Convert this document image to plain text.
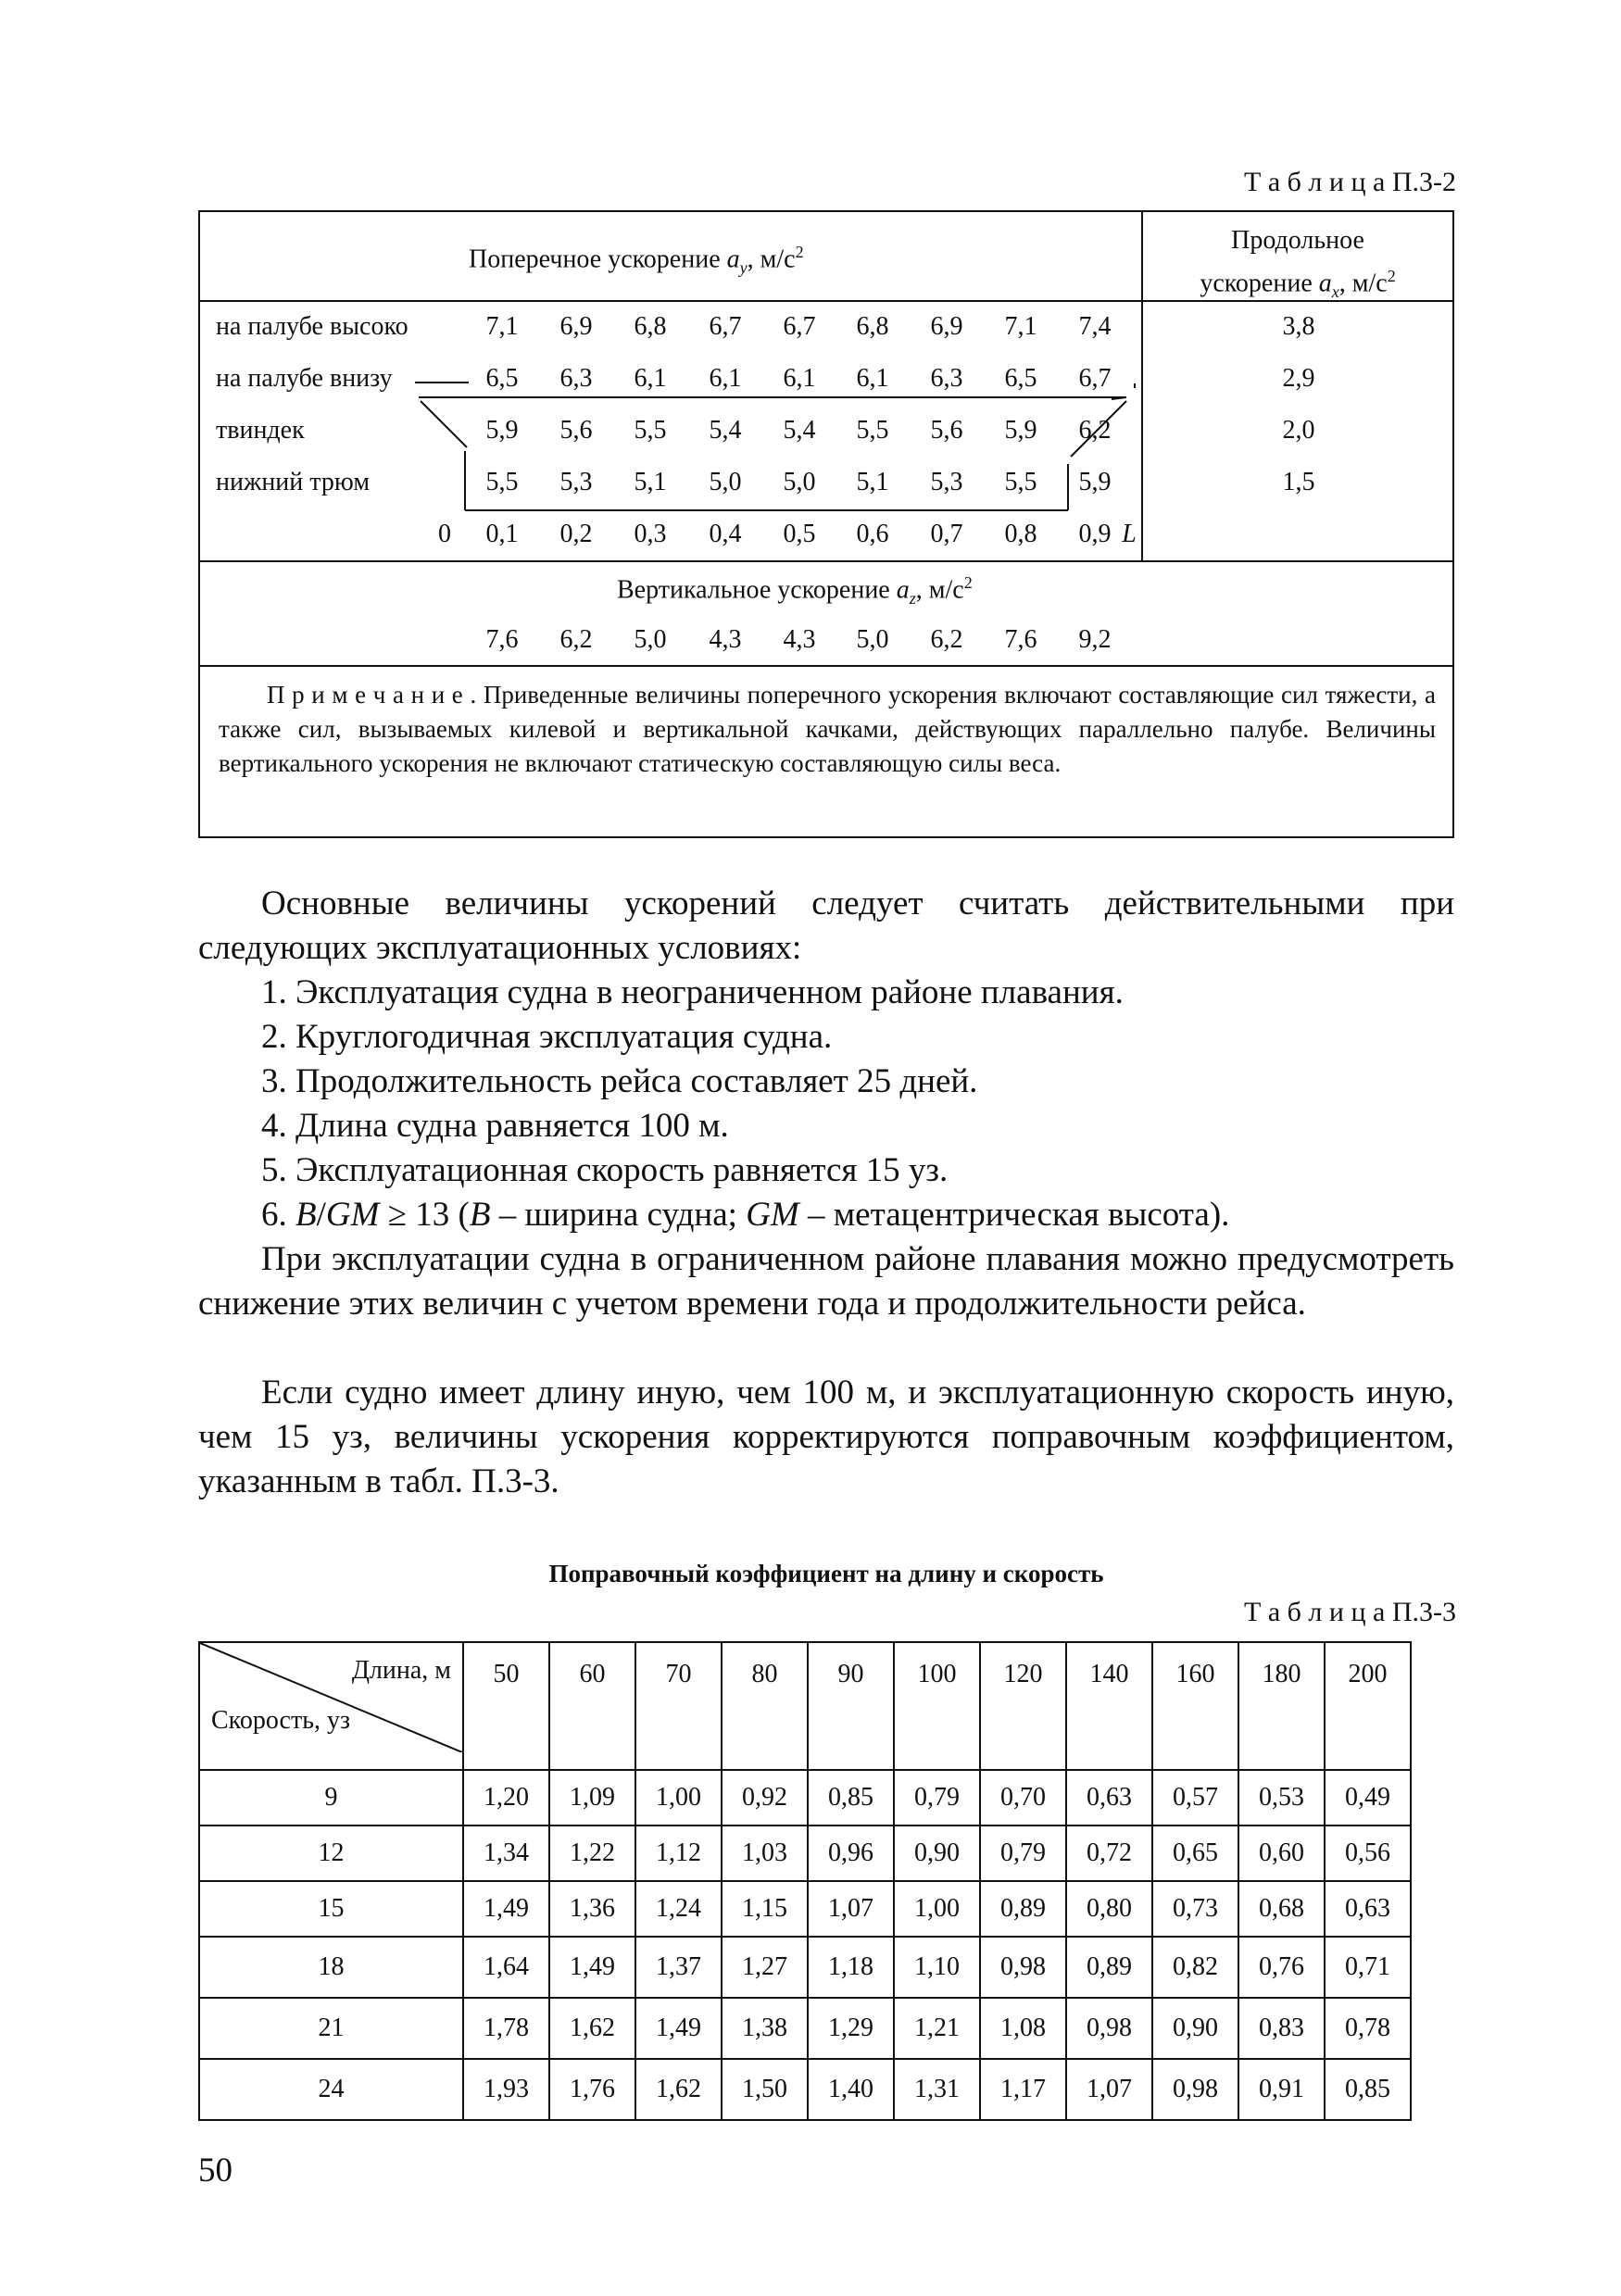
Т а б л и ц а П.3-2
Поперечное ускорение $a_y$, $м/с^2$	Продольное
ускорение $a_x$, $м/с^2$
на палубе высоко	7,1 6,9 6,8 6,7 6,7 6,8 6,9 7,1 7,4	3,8
на палубе внизу	6,5 6,3 6,1 6,1 6,1 6,1 6,3 6,5 6,7	2,9
твиндек	5,9 5,6 5,5 5,4 5,4 5,5 5,6 5,9 6,2	2,0
нижний трюм	5,5 5,3 5,1 5,0 5,0 5,1 5,3 5,5 5,9	1,5
0 0,1 0,2 0,3 0,4 0,5 0,6 0,7 0,8 0,9 L
Вертикальное ускорение $a_z$, $м/с^2$
7,6 6,2 5,0 4,3 4,3 5,0 6,2 7,6 9,2
П р и м е ч а н и е . Приведенные величины поперечного ускорения включают составляющие сил тяжести, а также сил, вызываемых килевой и вертикальной качками, действующих параллельно палубе. Величины вертикального ускорения не включают статическую составляющую силы веса.
Основные величины ускорений следует считать действительными при следующих эксплуатационных условиях:
1. Эксплуатация судна в неограниченном районе плавания.
2. Круглогодичная эксплуатация судна.
3. Продолжительность рейса составляет 25 дней.
4. Длина судна равняется 100 м.
5. Эксплуатационная скорость равняется 15 уз.
6. B/GM ≥ 13 (B – ширина судна; GM – метацентрическая высота).
При эксплуатации судна в ограниченном районе плавания можно предусмотреть снижение этих величин с учетом времени года и продолжительности рейса.
Если судно имеет длину иную, чем 100 м, и эксплуатационную скорость иную, чем 15 уз, величины ускорения корректируются поправочным коэффициентом, указанным в табл. П.3-3.
Поправочный коэффициент на длину и скорость
Т а б л и ц а П.3-3
Длина, м
Скорость, уз	50	60	70	80	90	100	120	140	160	180	200
9	1,20	1,09	1,00	0,92	0,85	0,79	0,70	0,63	0,57	0,53	0,49
12	1,34	1,22	1,12	1,03	0,96	0,90	0,79	0,72	0,65	0,60	0,56
15	1,49	1,36	1,24	1,15	1,07	1,00	0,89	0,80	0,73	0,68	0,63
18	1,64	1,49	1,37	1,27	1,18	1,10	0,98	0,89	0,82	0,76	0,71
21	1,78	1,62	1,49	1,38	1,29	1,21	1,08	0,98	0,90	0,83	0,78
24	1,93	1,76	1,62	1,50	1,40	1,31	1,17	1,07	0,98	0,91	0,85
50
